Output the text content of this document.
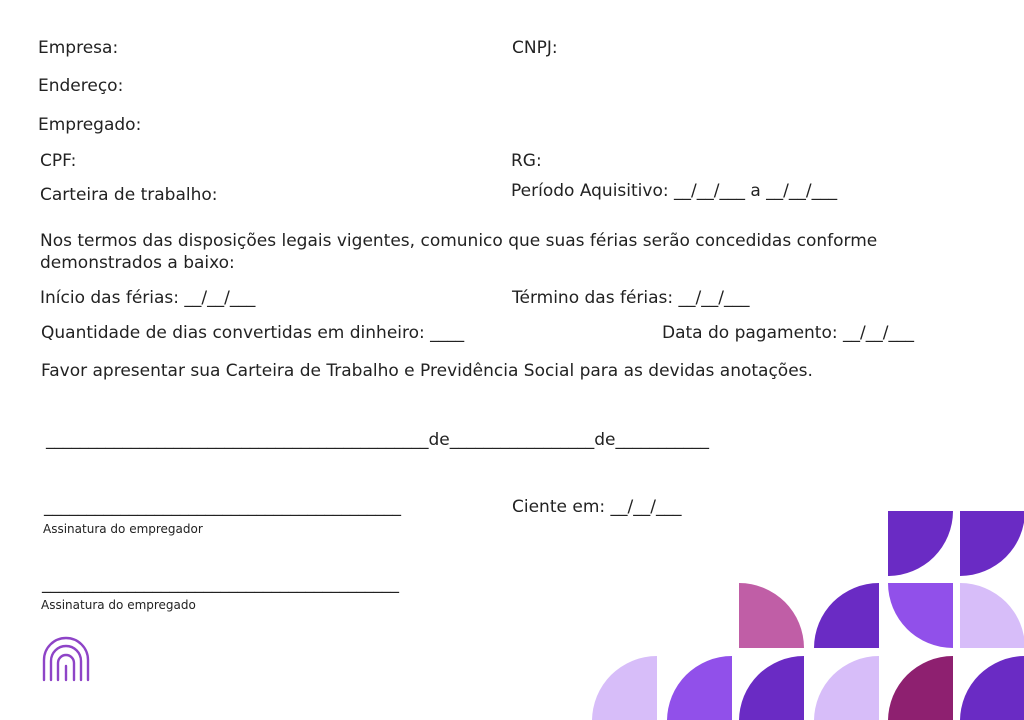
Empresa:	CNPJ:
Endereço:
Empregado:
CPF:	RG:
Carteira de trabalho:	Período Aquisitivo: __/__/___ a __/__/___
Nos termos das disposições legais vigentes, comunico que suas férias serão concedidas conforme demonstrados a baixo:
Início das férias: __/__/___	Término das férias: __/__/___
Quantidade de dias convertidas em dinheiro: ____	Data do pagamento: __/__/___
Favor apresentar sua Carteira de Trabalho e Previdência Social para as devidas anotações.
_____________________________________________de_________________de___________
__________________________________________
Assinatura do empregador
Ciente em: __/__/___
__________________________________________
Assinatura do empregado
